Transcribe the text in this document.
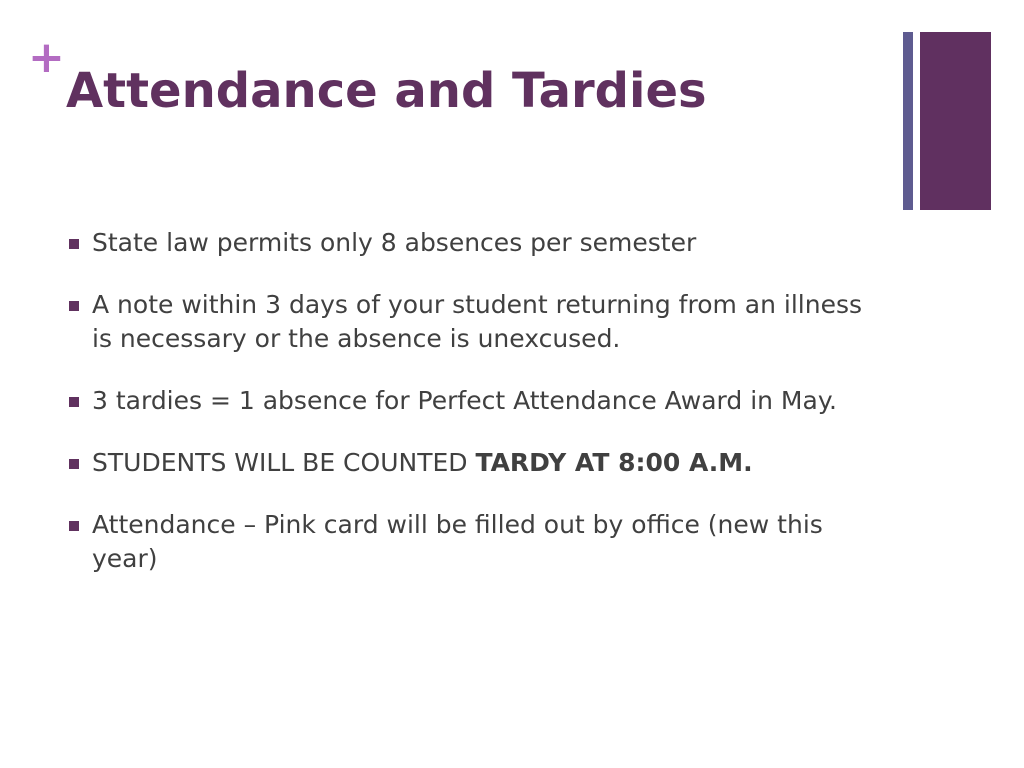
+
Attendance and Tardies
State law permits only 8 absences per semester
A note within 3 days of your student returning from an illness is necessary or the absence is unexcused.
3 tardies = 1 absence for Perfect Attendance Award in May.
STUDENTS WILL BE COUNTED TARDY AT 8:00 A.M.
Attendance – Pink card will be filled out by office (new this year)
